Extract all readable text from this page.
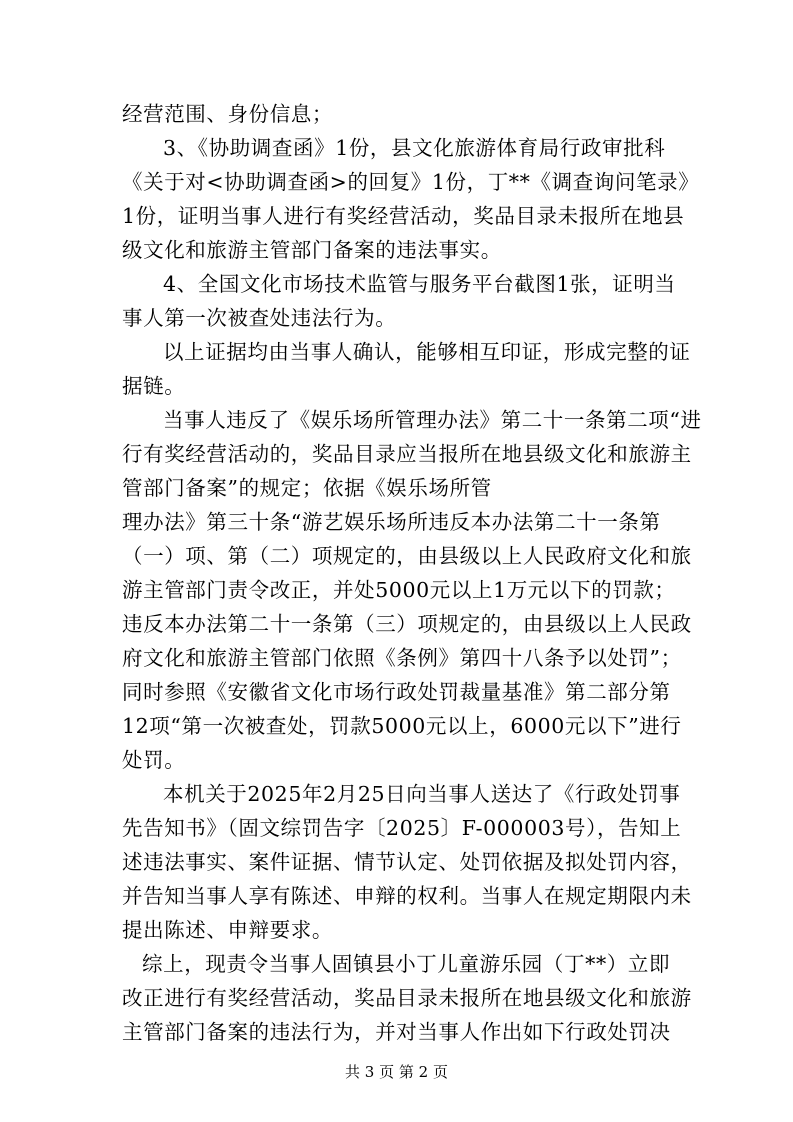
经营范围、身份信息；
3、《协助调查函》1份，县文化旅游体育局行政审批科
《关于对<协助调查函>的回复》1份，丁**《调查询问笔录》
1份，证明当事人进行有奖经营活动，奖品目录未报所在地县
级文化和旅游主管部门备案的违法事实。
4、全国文化市场技术监管与服务平台截图1张，证明当
事人第一次被查处违法行为。
以上证据均由当事人确认，能够相互印证，形成完整的证
据链。
当事人违反了《娱乐场所管理办法》第二十一条第二项“进
行有奖经营活动的，奖品目录应当报所在地县级文化和旅游主
管部门备案”的规定；依据《娱乐场所管
理办法》第三十条“游艺娱乐场所违反本办法第二十一条第
（一）项、第（二）项规定的，由县级以上人民政府文化和旅
游主管部门责令改正，并处5000元以上1万元以下的罚款；
违反本办法第二十一条第（三）项规定的，由县级以上人民政
府文化和旅游主管部门依照《条例》第四十八条予以处罚”；
同时参照《安徽省文化市场行政处罚裁量基准》第二部分第
12项“第一次被查处，罚款5000元以上，6000元以下”进行
处罚。
本机关于2025年2月25日向当事人送达了《行政处罚事
先告知书》（固文综罚告字〔2025〕F-000003号），告知上
述违法事实、案件证据、情节认定、处罚依据及拟处罚内容，
并告知当事人享有陈述、申辩的权利。当事人在规定期限内未
提出陈述、申辩要求。
综上，现责令当事人固镇县小丁儿童游乐园（丁**）立即
改正进行有奖经营活动，奖品目录未报所在地县级文化和旅游
主管部门备案的违法行为，并对当事人作出如下行政处罚决
共 3 页 第 2 页
